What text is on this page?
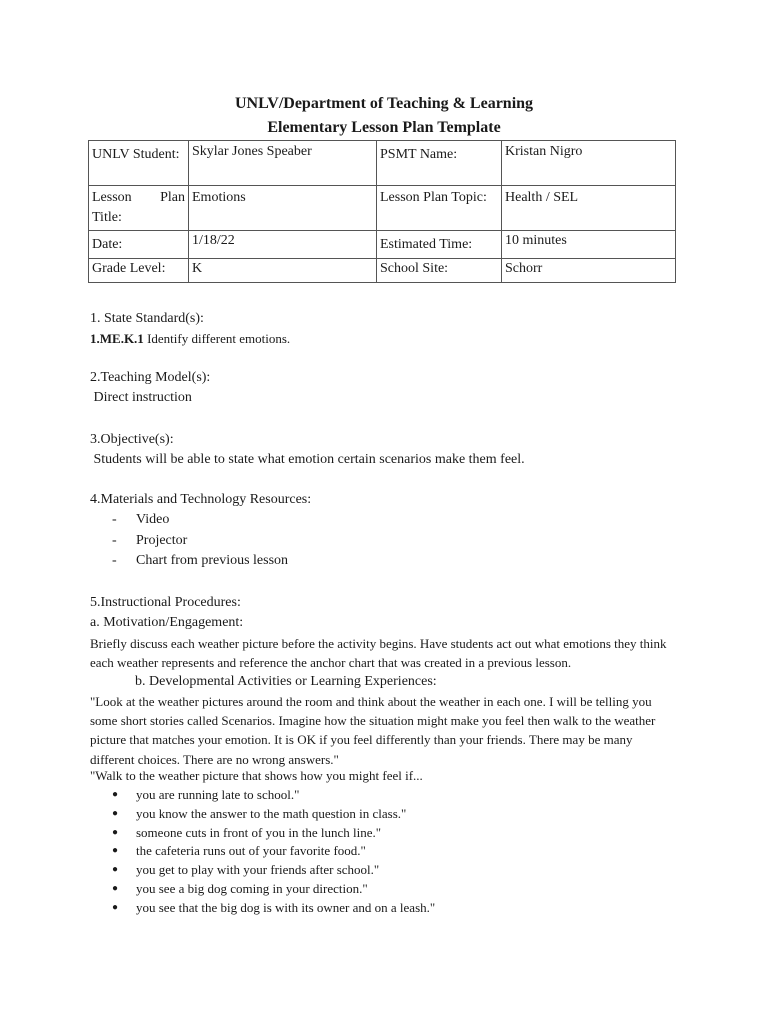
UNLV/Department of Teaching & Learning
Elementary Lesson Plan Template
UNLV Student:	Skylar Jones Speaber	PSMT Name:	Kristan Nigro

Lesson Plan
Title:	Emotions	Lesson Plan Topic:	Health / SEL
Date:	1/18/22	Estimated Time:	10 minutes
Grade Level:	K	School Site:	Schorr
1. State Standard(s):
1.ME.K.1 Identify different emotions.
2.Teaching Model(s):
Direct instruction
3.Objective(s):
Students will be able to state what emotion certain scenarios make them feel.
4.Materials and Technology Resources:
-	Video
-	Projector
-	Chart from previous lesson
5.Instructional Procedures:
a. Motivation/Engagement:
Briefly discuss each weather picture before the activity begins. Have students act out what emotions they think each weather represents and reference the anchor chart that was created in a previous lesson.
b. Developmental Activities or Learning Experiences:
"Look at the weather pictures around the room and think about the weather in each one. I will be telling you some short stories called Scenarios. Imagine how the situation might make you feel then walk to the weather picture that matches your emotion. It is OK if you feel differently than your friends. There may be many different choices. There are no wrong answers."
"Walk to the weather picture that shows how you might feel if...
●	you are running late to school."
●	you know the answer to the math question in class."
●	someone cuts in front of you in the lunch line."
●	the cafeteria runs out of your favorite food."
●	you get to play with your friends after school."
●	you see a big dog coming in your direction."
●	you see that the big dog is with its owner and on a leash."
